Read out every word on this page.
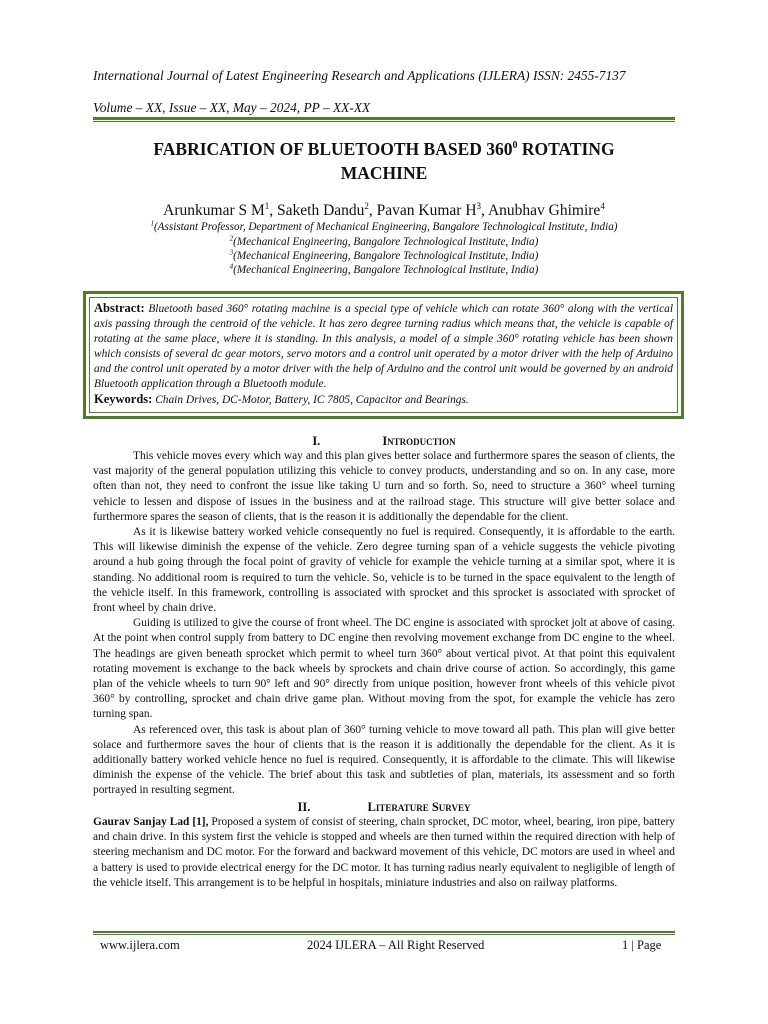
International Journal of Latest Engineering Research and Applications (IJLERA) ISSN: 2455-7137
Volume – XX, Issue – XX, May – 2024, PP – XX-XX
FABRICATION OF BLUETOOTH BASED $360^0$ ROTATING
MACHINE
Arunkumar S $M^1$, Saketh Dandu$^2$, Pavan Kumar $H^3$, Anubhav Ghimire$^4$
$^1$(Assistant Professor, Department of Mechanical Engineering, Bangalore Technological Institute, India)
$^2$(Mechanical Engineering, Bangalore Technological Institute, India)
$^3$(Mechanical Engineering, Bangalore Technological Institute, India)
$^4$(Mechanical Engineering, Bangalore Technological Institute, India)
Abstract: Bluetooth based 360° rotating machine is a special type of vehicle which can rotate 360° along with the vertical axis passing through the centroid of the vehicle. It has zero degree turning radius which means that, the vehicle is capable of rotating at the same place, where it is standing. In this analysis, a model of a simple 360° rotating vehicle has been shown which consists of several dc gear motors, servo motors and a control unit operated by a motor driver with the help of Arduino and the control unit operated by a motor driver with the help of Arduino and the control unit would be governed by an android Bluetooth application through a Bluetooth module.
Keywords: Chain Drives, DC-Motor, Battery, IC 7805, Capacitor and Bearings.
I.	Introduction

This vehicle moves every which way and this plan gives better solace and furthermore spares the season of clients, the vast majority of the general population utilizing this vehicle to convey products, understanding and so on. In any case, more often than not, they need to confront the issue like taking U turn and so forth. So, need to structure a 360° wheel turning vehicle to lessen and dispose of issues in the business and at the railroad stage. This structure will give better solace and furthermore spares the season of clients, that is the reason it is additionally the dependable for the client.

As it is likewise battery worked vehicle consequently no fuel is required. Consequently, it is affordable to the earth. This will likewise diminish the expense of the vehicle. Zero degree turning span of a vehicle suggests the vehicle pivoting around a hub going through the focal point of gravity of vehicle for example the vehicle turning at a similar spot, where it is standing. No additional room is required to turn the vehicle. So, vehicle is to be turned in the space equivalent to the length of the vehicle itself. In this framework, controlling is associated with sprocket and this sprocket is associated with sprocket of front wheel by chain drive.

Guiding is utilized to give the course of front wheel. The DC engine is associated with sprocket jolt at above of casing. At the point when control supply from battery to DC engine then revolving movement exchange from DC engine to the wheel. The headings are given beneath sprocket which permit to wheel turn 360° about vertical pivot. At that point this equivalent rotating movement is exchange to the back wheels by sprockets and chain drive course of action. So accordingly, this game plan of the vehicle wheels to turn 90° left and 90° directly from unique position, however front wheels of this vehicle pivot 360° by controlling, sprocket and chain drive game plan. Without moving from the spot, for example the vehicle has zero turning span.

As referenced over, this task is about plan of 360° turning vehicle to move toward all path. This plan will give better solace and furthermore saves the hour of clients that is the reason it is additionally the dependable for the client. As it is additionally battery worked vehicle hence no fuel is required. Consequently, it is affordable to the climate. This will likewise diminish the expense of the vehicle. The brief about this task and subtleties of plan, materials, its assessment and so forth portrayed in resulting segment.

II.	Literature Survey

Gaurav Sanjay Lad [1], Proposed a system of consist of steering, chain sprocket, DC motor, wheel, bearing, iron pipe, battery and chain drive. In this system first the vehicle is stopped and wheels are then turned within the required direction with help of steering mechanism and DC motor. For the forward and backward movement of this vehicle, DC motors are used in wheel and a battery is used to provide electrical energy for the DC motor. It has turning radius nearly equivalent to negligible of length of the vehicle itself. This arrangement is to be helpful in hospitals, miniature industries and also on railway platforms.

www.ijlera.com	2024 IJLERA – All Right Reserved	1 | Page
